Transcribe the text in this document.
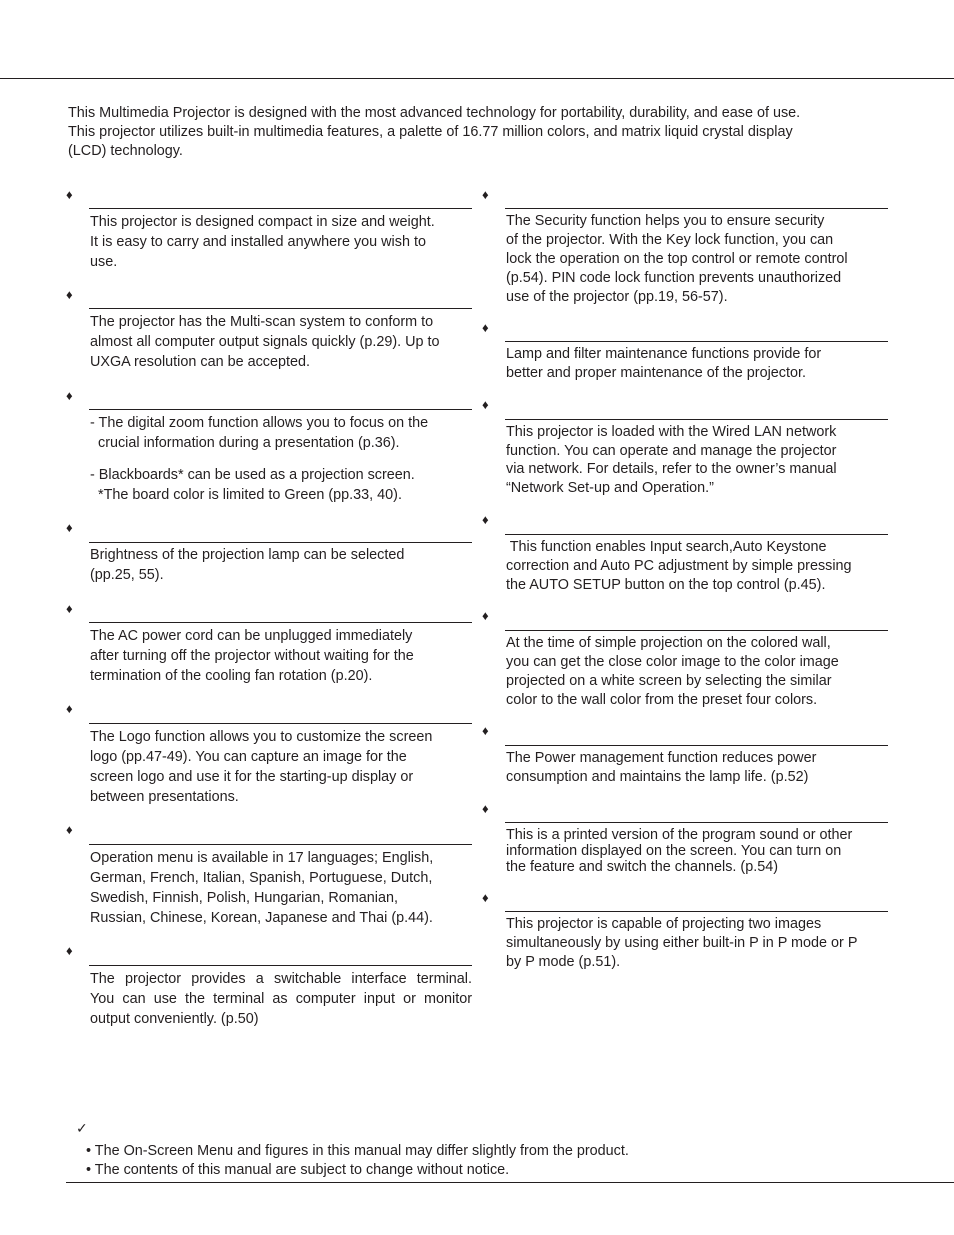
This Multimedia Projector is designed with the most advanced technology for portability, durability, and ease of use.
This projector utilizes built-in multimedia features, a palette of 16.77 million colors, and matrix liquid crystal display
(LCD) technology.

♦

This projector is designed compact in size and weight.
It is easy to carry and installed anywhere you wish to
use.

♦

The projector has the Multi-scan system to conform to
almost all computer output signals quickly (p.29). Up to
UXGA resolution can be accepted.

♦

- The digital zoom function allows you to focus on the
crucial information during a presentation (p.36).

- Blackboards* can be used as a projection screen.
*The board color is limited to Green (pp.33, 40).

♦

Brightness of the projection lamp can be selected
(pp.25, 55).

♦

The AC power cord can be unplugged immediately
after turning off the projector without waiting for the
termination of the cooling fan rotation (p.20).

♦

The Logo function allows you to customize the screen
logo (pp.47-49). You can capture an image for the
screen logo and use it for the starting-up display or
between presentations.

♦

Operation menu is available in 17 languages; English,
German, French, Italian, Spanish, Portuguese, Dutch,
Swedish, Finnish, Polish, Hungarian, Romanian,
Russian, Chinese, Korean, Japanese and Thai (p.44).

♦

The projector provides a switchable interface terminal.
You can use the terminal as computer input or monitor
output conveniently. (p.50)

♦

The Security function helps you to ensure security
of the projector. With the Key lock function, you can
lock the operation on the top control or remote control
(p.54). PIN code lock function prevents unauthorized
use of the projector (pp.19, 56-57).

♦

Lamp and filter maintenance functions provide for
better and proper maintenance of the projector.

♦

This projector is loaded with the Wired LAN network
function. You can operate and manage the projector
via network. For details, refer to the owner’s manual
“Network Set-up and Operation.”

♦

This function enables Input search,Auto Keystone
correction and Auto PC adjustment by simple pressing
the AUTO SETUP button on the top control (p.45).

♦

At the time of simple projection on the colored wall,
you can get the close color image to the color image
projected on a white screen by selecting the similar
color to the wall color from the preset four colors.

♦

The Power management function reduces power
consumption and maintains the lamp life. (p.52)

♦

This is a printed version of the program sound or other
information displayed on the screen. You can turn on
the feature and switch the channels. (p.54)

♦

This projector is capable of projecting two images
simultaneously by using either built-in P in P mode or P
by P mode (p.51).

✓
• The On-Screen Menu and figures in this manual may differ slightly from the product.
• The contents of this manual are subject to change without notice.
